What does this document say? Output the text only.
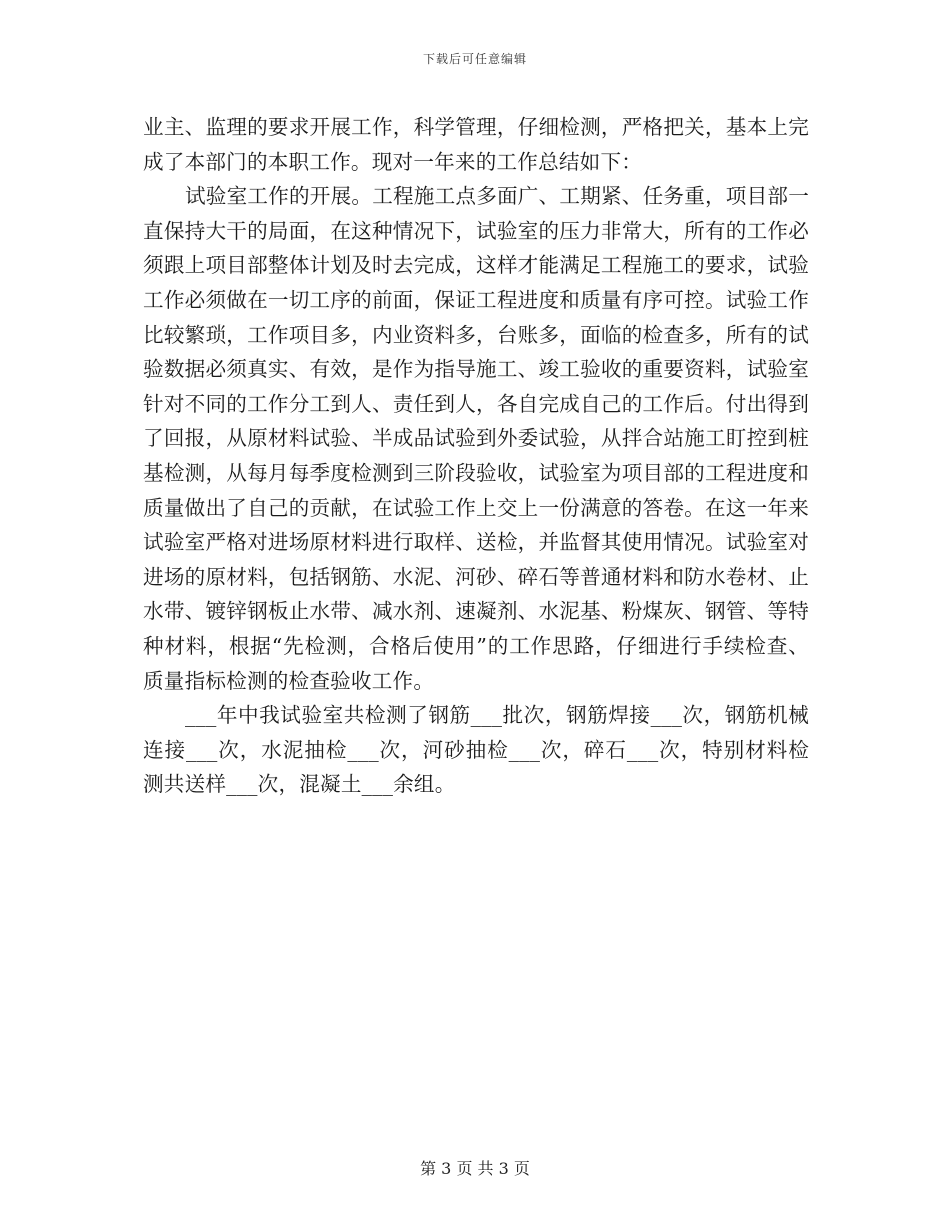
下载后可任意编辑

业主、监理的要求开展工作，科学管理，仔细检测，严格把关，基本上完成了本部门的本职工作。现对一年来的工作总结如下：

试验室工作的开展。工程施工点多面广、工期紧、任务重，项目部一直保持大干的局面，在这种情况下，试验室的压力非常大，所有的工作必须跟上项目部整体计划及时去完成，这样才能满足工程施工的要求，试验工作必须做在一切工序的前面，保证工程进度和质量有序可控。试验工作比较繁琐，工作项目多，内业资料多，台账多，面临的检查多，所有的试验数据必须真实、有效，是作为指导施工、竣工验收的重要资料，试验室针对不同的工作分工到人、责任到人，各自完成自己的工作后。付出得到了回报，从原材料试验、半成品试验到外委试验，从拌合站施工盯控到桩基检测，从每月每季度检测到三阶段验收，试验室为项目部的工程进度和质量做出了自己的贡献，在试验工作上交上一份满意的答卷。在这一年来试验室严格对进场原材料进行取样、送检，并监督其使用情况。试验室对进场的原材料，包括钢筋、水泥、河砂、碎石等普通材料和防水卷材、止水带、镀锌钢板止水带、减水剂、速凝剂、水泥基、粉煤灰、钢管、等特种材料，根据“先检测，合格后使用”的工作思路，仔细进行手续检查、质量指标检测的检查验收工作。

___年中我试验室共检测了钢筋___批次，钢筋焊接___次，钢筋机械连接___次，水泥抽检___次，河砂抽检___次，碎石___次，特别材料检测共送样___次，混凝土___余组。

第 3 页 共 3 页
